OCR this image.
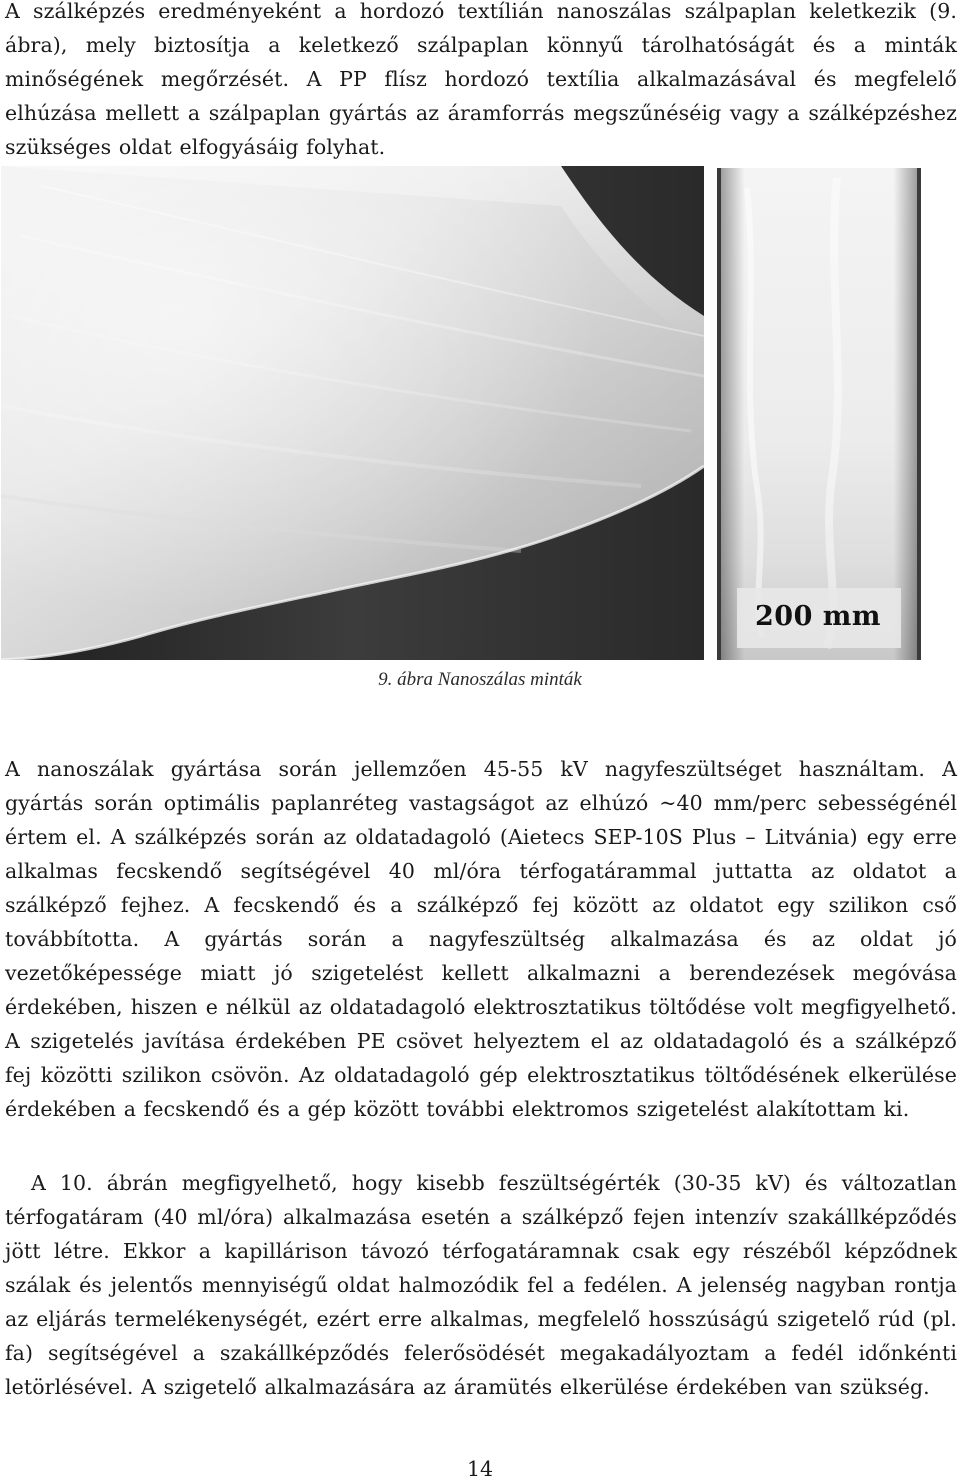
A szálképzés eredményeként a hordozó textílián nanoszálas szálpaplan keletkezik (9. ábra), mely biztosítja a keletkező szálpaplan könnyű tárolhatóságát és a minták minőségének megőrzését. A PP flísz hordozó textília alkalmazásával és megfelelő elhúzása mellett a szálpaplan gyártás az áramforrás megszűnéséig vagy a szálképzéshez szükséges oldat elfogyásáig folyhat.

200 mm
9. ábra Nanoszálas minták

A nanoszálak gyártása során jellemzően 45-55 kV nagyfeszültséget használtam. A gyártás során optimális paplanréteg vastagságot az elhúzó ~40 mm/perc sebességénél értem el. A szálképzés során az oldatadagoló (Aietecs SEP-10S Plus – Litvánia) egy erre alkalmas fecskendő segítségével 40 ml/óra térfogatárammal juttatta az oldatot a szálképző fejhez. A fecskendő és a szálképző fej között az oldatot egy szilikon cső továbbította. A gyártás során a nagyfeszültség alkalmazása és az oldat jó vezetőképessége miatt jó szigetelést kellett alkalmazni a berendezések megóvása érdekében, hiszen e nélkül az oldatadagoló elektrosztatikus töltődése volt megfigyelhető. A szigetelés javítása érdekében PE csövet helyeztem el az oldatadagoló és a szálképző fej közötti szilikon csövön. Az oldatadagoló gép elektrosztatikus töltődésének elkerülése érdekében a fecskendő és a gép között további elektromos szigetelést alakítottam ki.

A 10. ábrán megfigyelhető, hogy kisebb feszültségérték (30-35 kV) és változatlan térfogatáram (40 ml/óra) alkalmazása esetén a szálképző fejen intenzív szakállképződés jött létre. Ekkor a kapillárison távozó térfogatáramnak csak egy részéből képződnek szálak és jelentős mennyiségű oldat halmozódik fel a fedélen. A jelenség nagyban rontja az eljárás termelékenységét, ezért erre alkalmas, megfelelő hosszúságú szigetelő rúd (pl. fa) segítségével a szakállképződés felerősödését megakadályoztam a fedél időnkénti letörlésével. A szigetelő alkalmazására az áramütés elkerülése érdekében van szükség.

14
